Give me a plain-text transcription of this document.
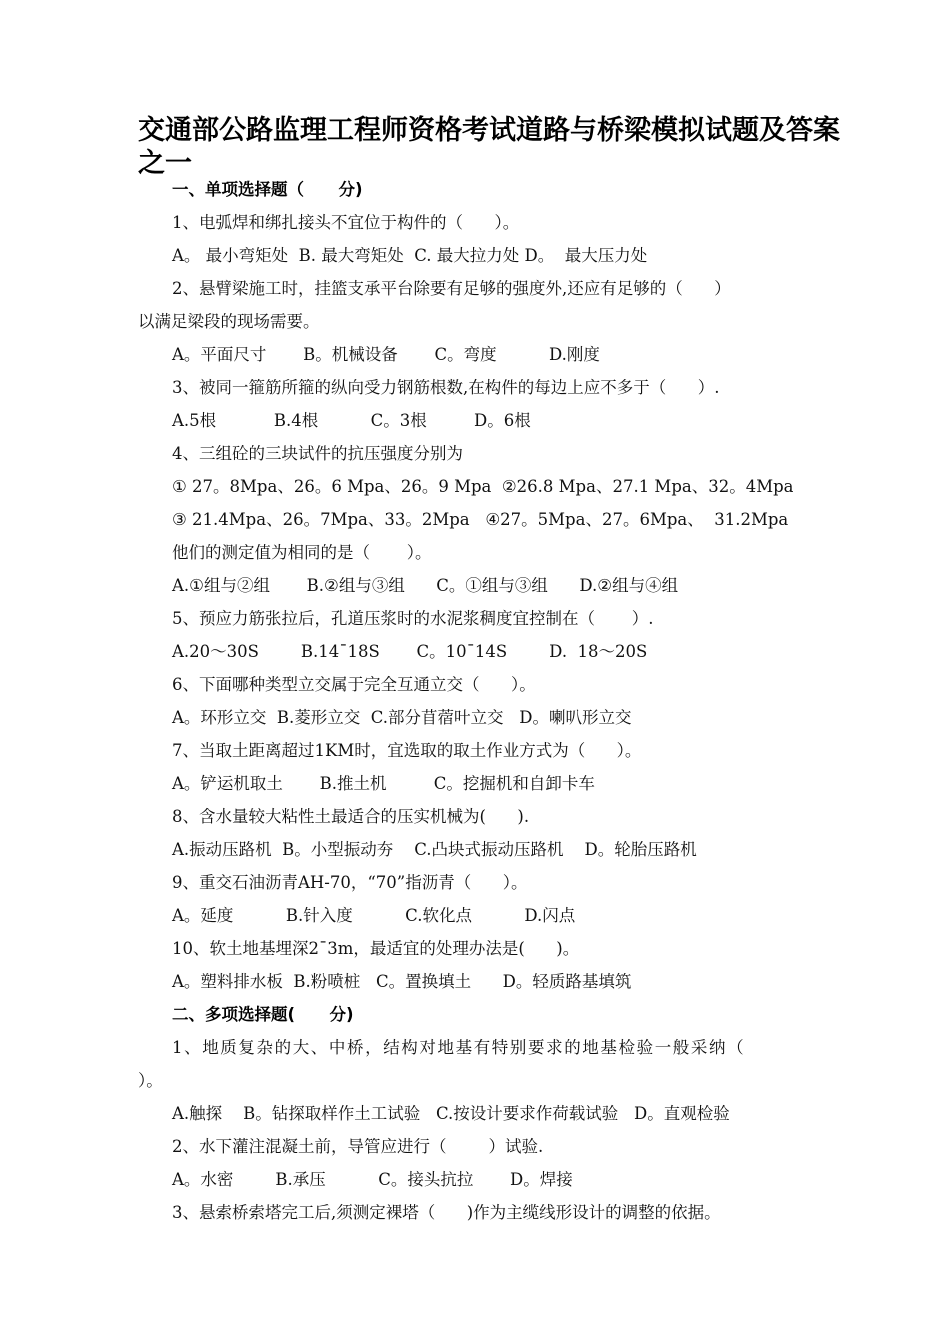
交通部公路监理工程师资格考试道路与桥梁模拟试题及答案之一
一、单项选择题（      分)
1、电弧焊和绑扎接头不宜位于构件的（      ）。
A。 最小弯矩处  B. 最大弯矩处  C. 最大拉力处 D。  最大压力处
2、悬臂梁施工时，挂篮支承平台除要有足够的强度外,还应有足够的（      ）
以满足梁段的现场需要。
A。平面尺寸       B。机械设备       C。弯度          D.刚度
3、被同一箍筋所箍的纵向受力钢筋根数,在构件的每边上应不多于（      ）.
A.5根           B.4根          C。3根         D。6根
4、三组砼的三块试件的抗压强度分别为
① 27。8Mpa、26。6 Mpa、26。9 Mpa  ②26.8 Mpa、27.1 Mpa、32。4Mpa
③ 21.4Mpa、26。7Mpa、33。2Mpa   ④27。5Mpa、27。6Mpa、  31.2Mpa
他们的测定值为相同的是（       ）。
A.①组与②组       B.②组与③组      C。①组与③组      D.②组与④组
5、预应力筋张拉后，孔道压浆时的水泥浆稠度宜控制在（       ）.
A.20～30S        B.14¯18S       C。10¯14S        D.  18～20S
6、下面哪种类型立交属于完全互通立交（      ）。
A。环形立交  B.菱形立交  C.部分苜蓿叶立交   D。喇叭形立交
7、当取土距离超过1KM时，宜选取的取土作业方式为（      ）。
A。铲运机取土       B.推土机         C。挖掘机和自卸卡车
8、含水量较大粘性土最适合的压实机械为(      ).
A.振动压路机  B。小型振动夯    C.凸块式振动压路机    D。轮胎压路机
9、重交石油沥青AH-70，“70”指沥青（      ）。
A。延度          B.针入度          C.软化点          D.闪点
10、软土地基埋深2¯3m，最适宜的处理办法是(      )。
A。塑料排水板  B.粉喷桩   C。置换填土      D。轻质路基填筑
二、多项选择题(      分)
1、地质复杂的大、中桥，结构对地基有特别要求的地基检验一般采纳（
）。
A.触探    B。钻探取样作土工试验   C.按设计要求作荷载试验   D。直观检验
2、水下灌注混凝土前，导管应进行（        ）试验.
A。水密        B.承压          C。接头抗拉       D。焊接
3、悬索桥索塔完工后,须测定裸塔（      )作为主缆线形设计的调整的依据。
